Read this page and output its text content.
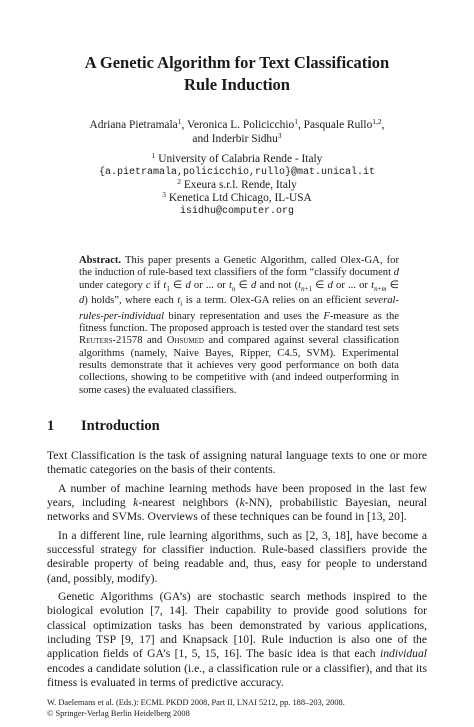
A Genetic Algorithm for Text Classification
Rule Induction
Adriana Pietramala$^1$, Veronica L. Policicchio$^1$, Pasquale Rullo$^{1,2}$,
and Inderbir Sidhu$^3$
$^1$ University of Calabria Rende - Italy
{a.pietramala,policicchio,rullo}@mat.unical.it
$^2$ Exeura s.r.l. Rende, Italy
$^3$ Kenetica Ltd Chicago, IL-USA
isidhu@computer.org
Abstract. This paper presents a Genetic Algorithm, called Olex-GA, for the induction of rule-based text classifiers of the form “classify document d under category c if $t_1$ ∈ d or ... or $t_n$ ∈ d and not ($t_{n+1}$ ∈ d or ... or $t_{n+m}$ ∈ d) holds”, where each $t_i$ is a term. Olex-GA relies on an efficient several-rules-per-individual binary representation and uses the F-measure as the fitness function. The proposed approach is tested over the standard test sets Reuters-21578 and Ohsumed and compared against several classification algorithms (namely, Naive Bayes, Ripper, C4.5, SVM). Experimental results demonstrate that it achieves very good performance on both data collections, showing to be competitive with (and indeed outperforming in some cases) the evaluated classifiers.
1 Introduction

Text Classification is the task of assigning natural language texts to one or more thematic categories on the basis of their contents.

A number of machine learning methods have been proposed in the last few years, including k-nearest neighbors (k-NN), probabilistic Bayesian, neural networks and SVMs. Overviews of these techniques can be found in [13, 20].

In a different line, rule learning algorithms, such as [2, 3, 18], have become a successful strategy for classifier induction. Rule-based classifiers provide the desirable property of being readable and, thus, easy for people to understand (and, possibly, modify).

Genetic Algorithms (GA’s) are stochastic search methods inspired to the biological evolution [7, 14]. Their capability to provide good solutions for classical optimization tasks has been demonstrated by various applications, including TSP [9, 17] and Knapsack [10]. Rule induction is also one of the application fields of GA’s [1, 5, 15, 16]. The basic idea is that each individual encodes a candidate solution (i.e., a classification rule or a classifier), and that its fitness is evaluated in terms of predictive accuracy.

W. Daelemans et al. (Eds.): ECML PKDD 2008, Part II, LNAI 5212, pp. 188–203, 2008.
© Springer-Verlag Berlin Heidelberg 2008
